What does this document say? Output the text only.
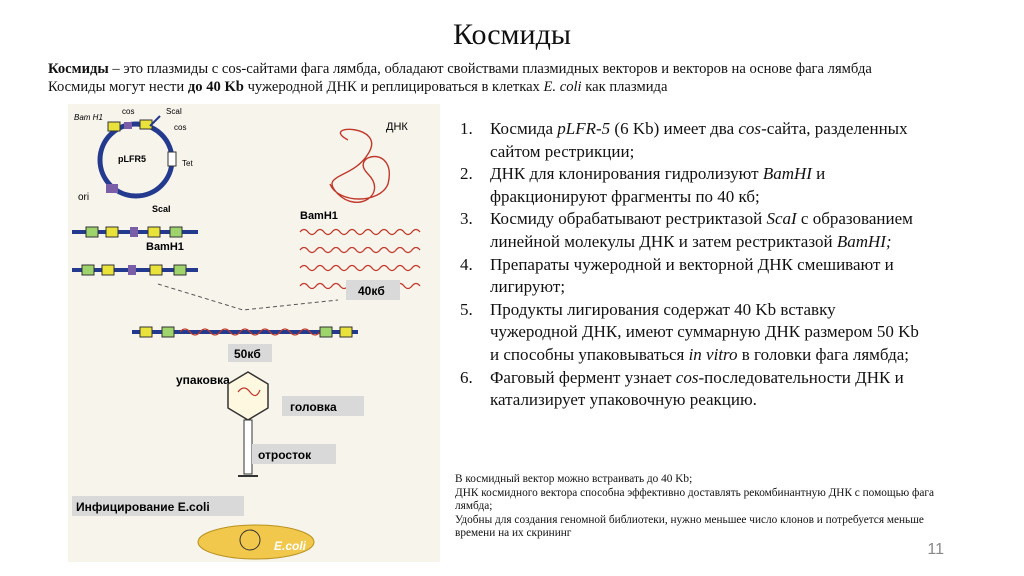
Космиды
Космиды – это плазмиды с cos-сайтами фага лямбда, обладают свойствами плазмидных векторов и векторов на основе фага лямбда
Космиды могут нести до 40 Kb чужеродной ДНК и реплицироваться в клетках E. coli как плазмида
Bam H1
cos	ScaI
cos
pLFR5	Tet
ori
ScaI
BamH1
ДНК
BamH1
40кб
50кб
упаковка
головка
отросток
Инфицирование E.coli
E.coli
1. Космида pLFR-5 (6 Kb) имеет два cos-сайта, разделенных сайтом рестрикции;
2. ДНК для клонирования гидролизуют BamHI и фракционируют фрагменты по 40 кб;
3. Космиду обрабатывают рестриктазой ScaI с образованием линейной молекулы ДНК и затем рестриктазой BamHI;
4. Препараты чужеродной и векторной ДНК смешивают и лигируют;
5. Продукты лигирования содержат 40 Kb вставку чужеродной ДНК, имеют суммарную ДНК размером 50 Kb и способны упаковываться in vitro в головки фага лямбда;
6. Фаговый фермент узнает cos-последовательности ДНК и катализирует упаковочную реакцию.
В космидный вектор можно встраивать до 40 Kb;
ДНК космидного вектора способна эффективно доставлять рекомбинантную ДНК с помощью фага лямбда;
Удобны для создания геномной библиотеки, нужно меньшее число клонов и потребуется меньше времени на их скрининг
11
